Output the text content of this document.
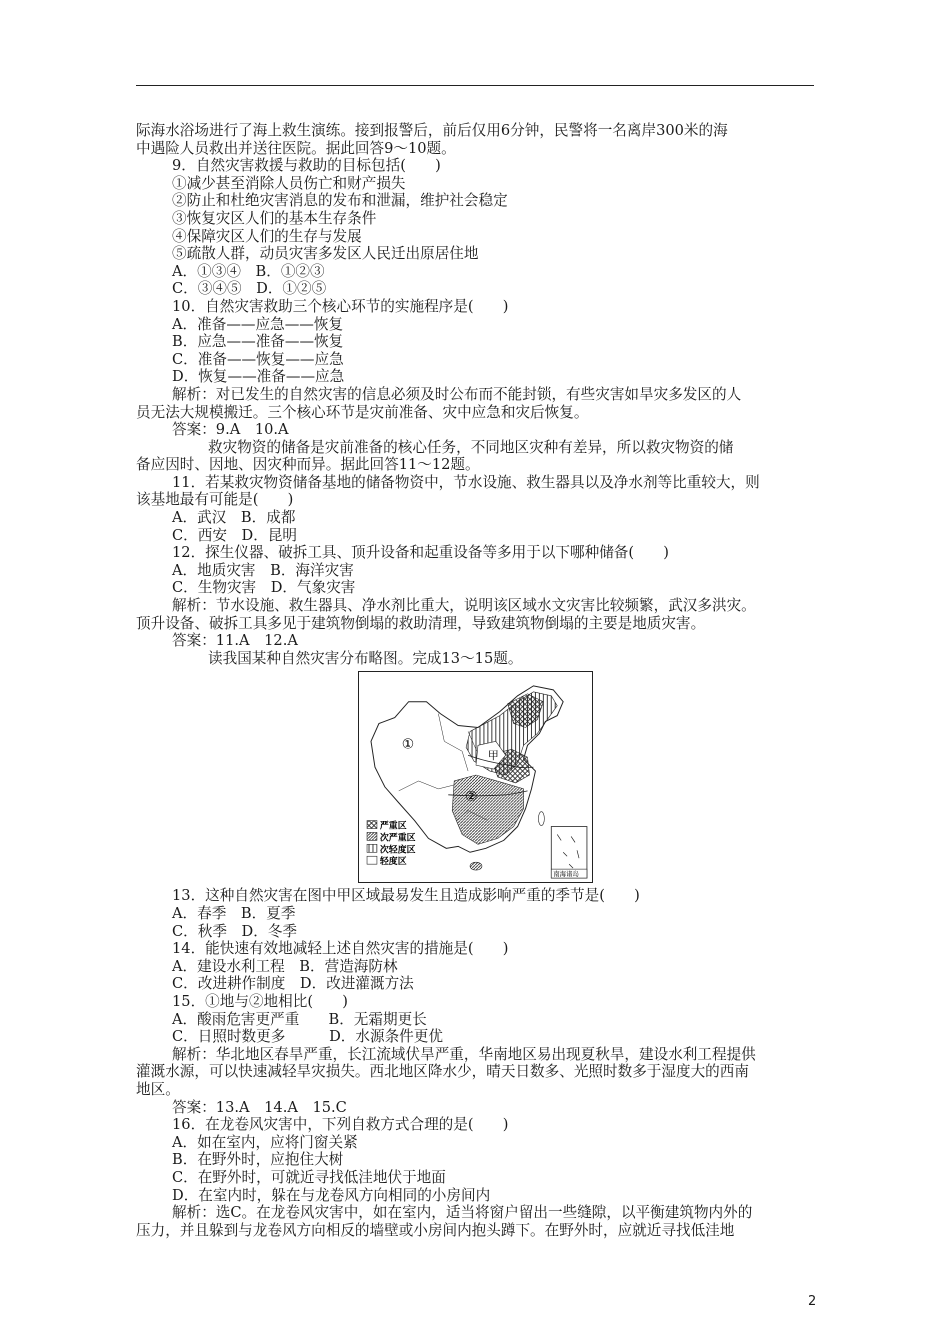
际海水浴场进行了海上救生演练。接到报警后，前后仅用6分钟，民警将一名离岸300米的海
中遇险人员救出并送往医院。据此回答9～10题。
9．自然灾害救援与救助的目标包括(　　)
①减少甚至消除人员伤亡和财产损失
②防止和杜绝灾害消息的发布和泄漏，维护社会稳定
③恢复灾区人们的基本生存条件
④保障灾区人们的生存与发展
⑤疏散人群，动员灾害多发区人民迁出原居住地
A．①③④　B．①②③
C．③④⑤　D．①②⑤
10．自然灾害救助三个核心环节的实施程序是(　　)
A．准备——应急——恢复
B．应急——准备——恢复
C．准备——恢复——应急
D．恢复——准备——应急
解析：对已发生的自然灾害的信息必须及时公布而不能封锁，有些灾害如旱灾多发区的人
员无法大规模搬迁。三个核心环节是灾前准备、灾中应急和灾后恢复。
答案：9.A　10.A
救灾物资的储备是灾前准备的核心任务，不同地区灾种有差异，所以救灾物资的储
备应因时、因地、因灾种而异。据此回答11～12题。
11．若某救灾物资储备基地的储备物资中，节水设施、救生器具以及净水剂等比重较大，则
该基地最有可能是(　　)
A．武汉　B．成都
C．西安　D．昆明
12．探生仪器、破拆工具、顶升设备和起重设备等多用于以下哪种储备(　　)
A．地质灾害　B．海洋灾害
C．生物灾害　D．气象灾害
解析：节水设施、救生器具、净水剂比重大，说明该区域水文灾害比较频繁，武汉多洪灾。
顶升设备、破拆工具多见于建筑物倒塌的救助清理，导致建筑物倒塌的主要是地质灾害。
答案：11.A　12.A
读我国某种自然灾害分布略图。完成13～15题。
甲
①
②
严重区
次严重区
次轻度区
轻度区
南海诸岛
13．这种自然灾害在图中甲区域最易发生且造成影响严重的季节是(　　)
A．春季　B．夏季
C．秋季　D．冬季
14．能快速有效地减轻上述自然灾害的措施是(　　)
A．建设水利工程　B．营造海防林
C．改进耕作制度　D．改进灌溉方法
15．①地与②地相比(　　)
A．酸雨危害更严重　　B．无霜期更长
C．日照时数更多　　　D．水源条件更优
解析：华北地区春旱严重，长江流域伏旱严重，华南地区易出现夏秋旱，建设水利工程提供
灌溉水源，可以快速减轻旱灾损失。西北地区降水少，晴天日数多、光照时数多于湿度大的西南
地区。
答案：13.A　14.A　15.C
16．在龙卷风灾害中，下列自救方式合理的是(　　)
A．如在室内，应将门窗关紧
B．在野外时，应抱住大树
C．在野外时，可就近寻找低洼地伏于地面
D．在室内时，躲在与龙卷风方向相同的小房间内
解析：选C。在龙卷风灾害中，如在室内，适当将窗户留出一些缝隙，以平衡建筑物内外的
压力，并且躲到与龙卷风方向相反的墙壁或小房间内抱头蹲下。在野外时，应就近寻找低洼地
2
